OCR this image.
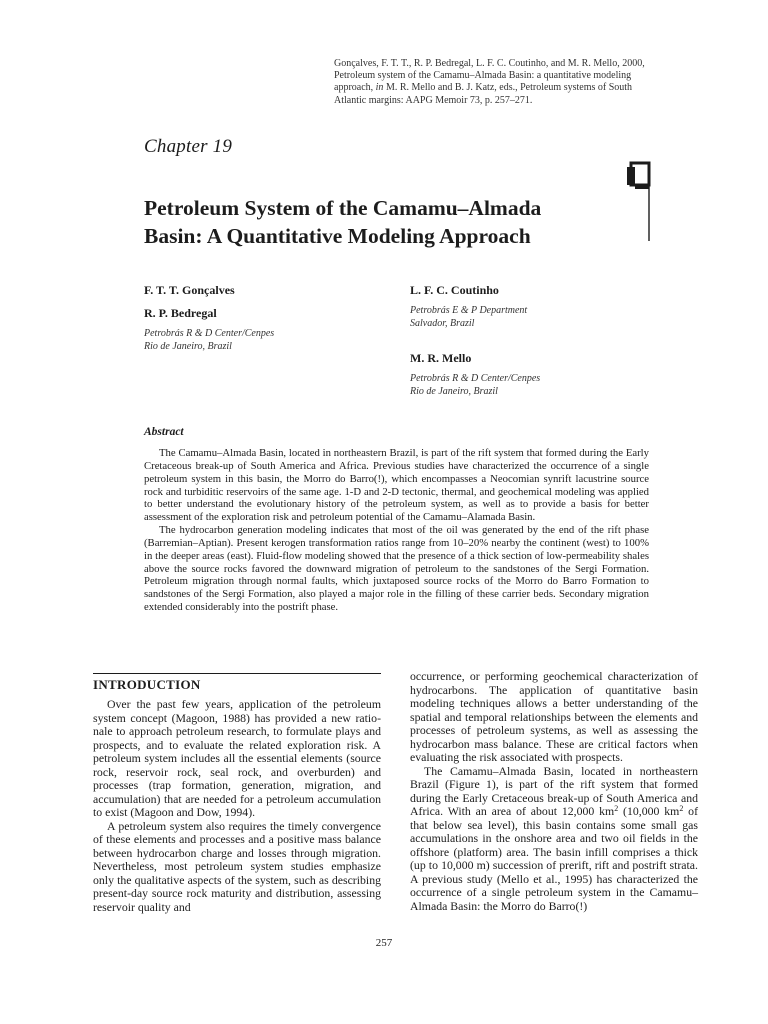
Gonçalves, F. T. T., R. P. Bedregal, L. F. C. Coutinho, and M. R. Mello, 2000,
Petroleum system of the Camamu–Almada Basin: a quantitative modeling
approach, in M. R. Mello and B. J. Katz, eds., Petroleum systems of South
Atlantic margins: AAPG Memoir 73, p. 257–271.
Chapter 19
Petroleum System of the Camamu–Almada
Basin: A Quantitative Modeling Approach
F. T. T. Gonçalves
R. P. Bedregal
Petrobrás R & D Center/Cenpes
Rio de Janeiro, Brazil
L. F. C. Coutinho
Petrobrás E & P Department
Salvador, Brazil
M. R. Mello
Petrobrás R & D Center/Cenpes
Rio de Janeiro, Brazil
Abstract

The Camamu–Almada Basin, located in northeastern Brazil, is part of the rift system that formed during the Early Cretaceous break-up of South America and Africa. Previous studies have characterized the occurrence of a single petroleum system in this basin, the Morro do Barro(!), which encompasses a Neocomian synrift lacustrine source rock and turbiditic reservoirs of the same age. 1-D and 2-D tectonic, thermal, and geochemical modeling was applied to better understand the evolutionary history of the petroleum system, as well as to provide a basis for better assessment of the exploration risk and petroleum potential of the Camamu–Alamada Basin.

The hydrocarbon generation modeling indicates that most of the oil was generated by the end of the rift phase (Barremian–Aptian). Present kerogen transformation ratios range from 10–20% nearby the continent (west) to 100% in the deeper areas (east). Fluid-flow modeling showed that the presence of a thick section of low-permeability shales above the source rocks favored the downward migration of petroleum to the sandstones of the Sergi Formation. Petroleum migration through normal faults, which juxtaposed source rocks of the Morro do Barro Formation to sandstones of the Sergi Formation, also played a major role in the filling of these carrier beds. Secondary migration extended considerably into the postrift phase.

INTRODUCTION

Over the past few years, application of the petroleum system concept (Magoon, 1988) has provided a new rationale to approach petroleum research, to formulate plays and prospects, and to evaluate the related exploration risk. A petroleum system includes all the essential elements (source rock, reservoir rock, seal rock, and overburden) and processes (trap formation, generation, migration, and accumulation) that are needed for a petroleum accumulation to exist (Magoon and Dow, 1994).

A petroleum system also requires the timely convergence of these elements and processes and a positive mass balance between hydrocarbon charge and losses through migration. Nevertheless, most petroleum system studies emphasize only the qualitative aspects of the system, such as describing present-day source rock maturity and distribution, assessing reservoir quality and

occurrence, or performing geochemical characterization of hydrocarbons. The application of quantitative basin modeling techniques allows a better understanding of the spatial and temporal relationships between the elements and processes of petroleum systems, as well as assessing the hydrocarbon mass balance. These are critical factors when evaluating the risk associated with prospects.

The Camamu–Almada Basin, located in northeastern Brazil (Figure 1), is part of the rift system that formed during the Early Cretaceous break-up of South America and Africa. With an area of about 12,000 $km^2$ (10,000 $km^2$ of that below sea level), this basin contains some small gas accumulations in the onshore area and two oil fields in the offshore (platform) area. The basin infill comprises a thick (up to 10,000 m) succession of prerift, rift and postrift strata. A previous study (Mello et al., 1995) has characterized the occurrence of a single petroleum system in the Camamu–Almada Basin: the Morro do Barro(!)

257
